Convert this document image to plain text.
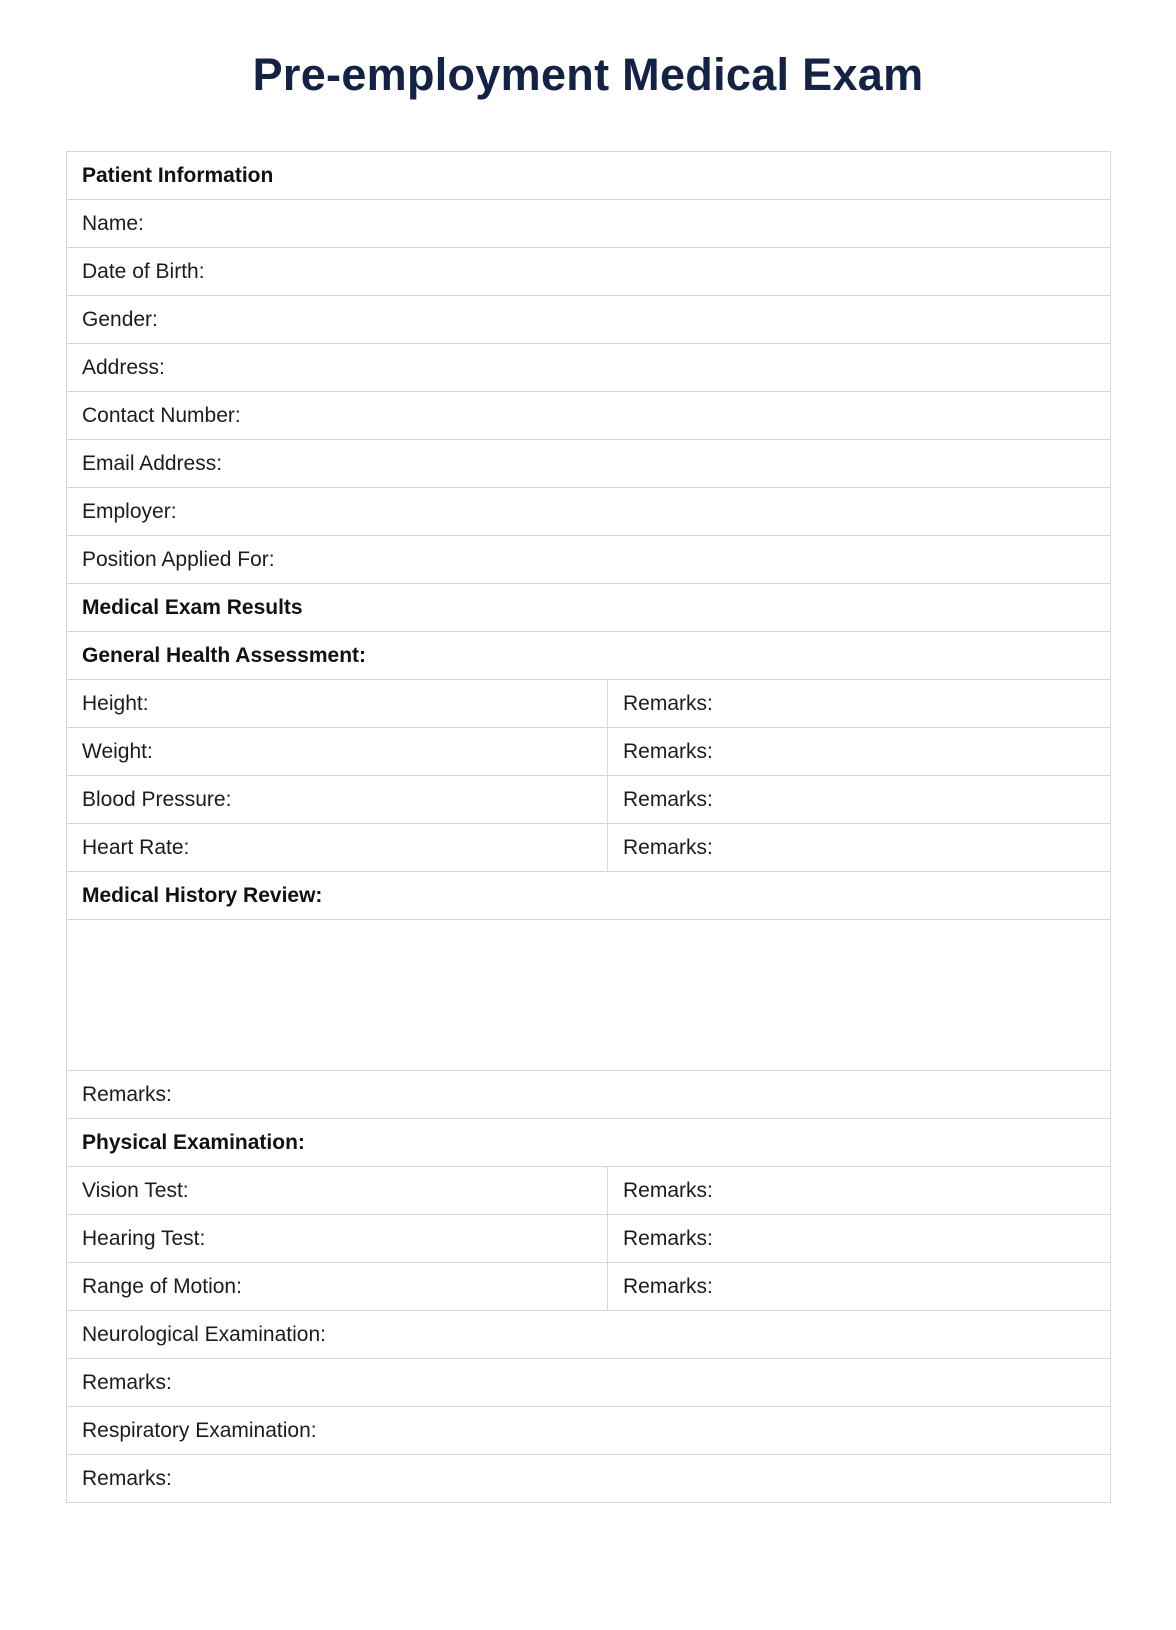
Pre-employment Medical Exam
Patient Information	
Name:	
Date of Birth:	
Gender:	
Address:	
Contact Number:	
Email Address:	
Employer:	
Position Applied For:	
Medical Exam Results	
General Health Assessment:	
Height:	Remarks:
Weight:	Remarks:
Blood Pressure:	Remarks:
Heart Rate:	Remarks:
Medical History Review:	

Remarks:	
Physical Examination:	
Vision Test:	Remarks:
Hearing Test:	Remarks:
Range of Motion:	Remarks:
Neurological Examination:	
Remarks:	
Respiratory Examination:	
Remarks:	
